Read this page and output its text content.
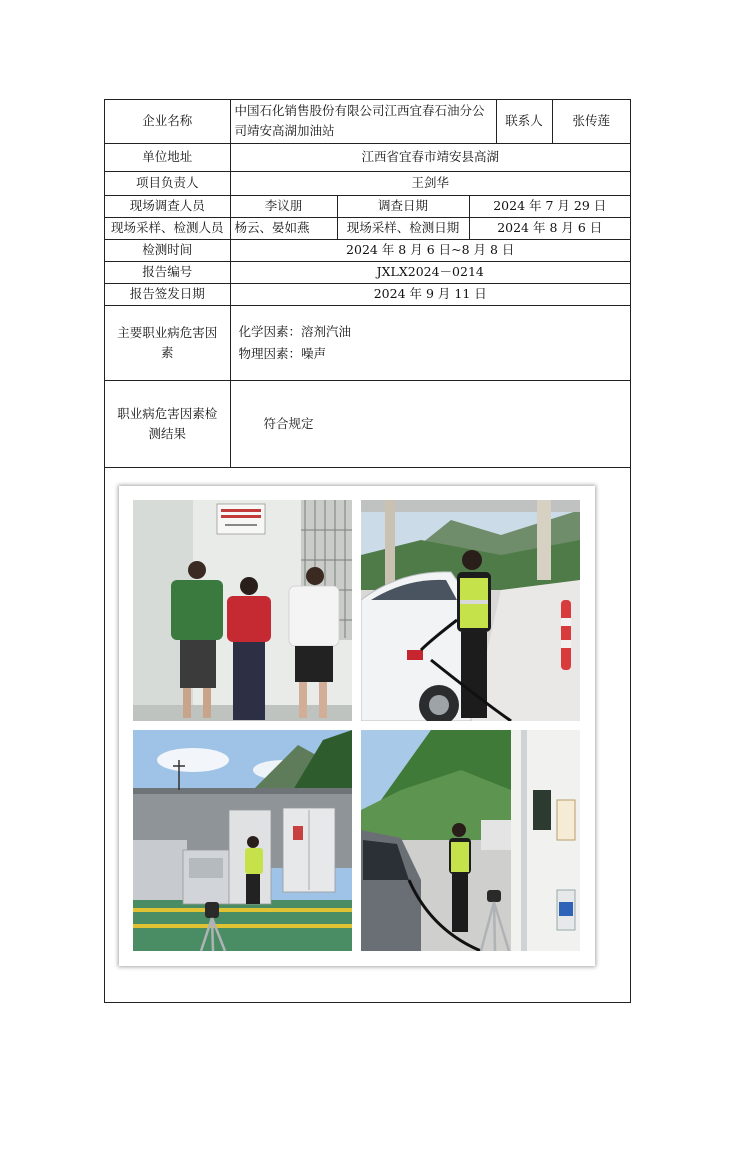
企业名称	中国石化销售股份有限公司江西宜春石油分公司靖安高湖加油站			联系人	张传莲
单位地址	江西省宜春市靖安县高湖				
项目负责人	王剑华				
现场调查人员	李议朋	调查日期	2024 年 7 月 29 日		
现场采样、检测人员	杨云、晏如燕	现场采样、检测日期	2024 年 8 月 6 日		
检测时间	2024 年 8 月 6 日~8 月 8 日				
报告编号	JXLX2024－0214				
报告签发日期	2024 年 9 月 11 日				
主要职业病危害因素	化学因素：溶剂汽油
物理因素：噪声				

职业病危害因素检测结果	符合规定				
